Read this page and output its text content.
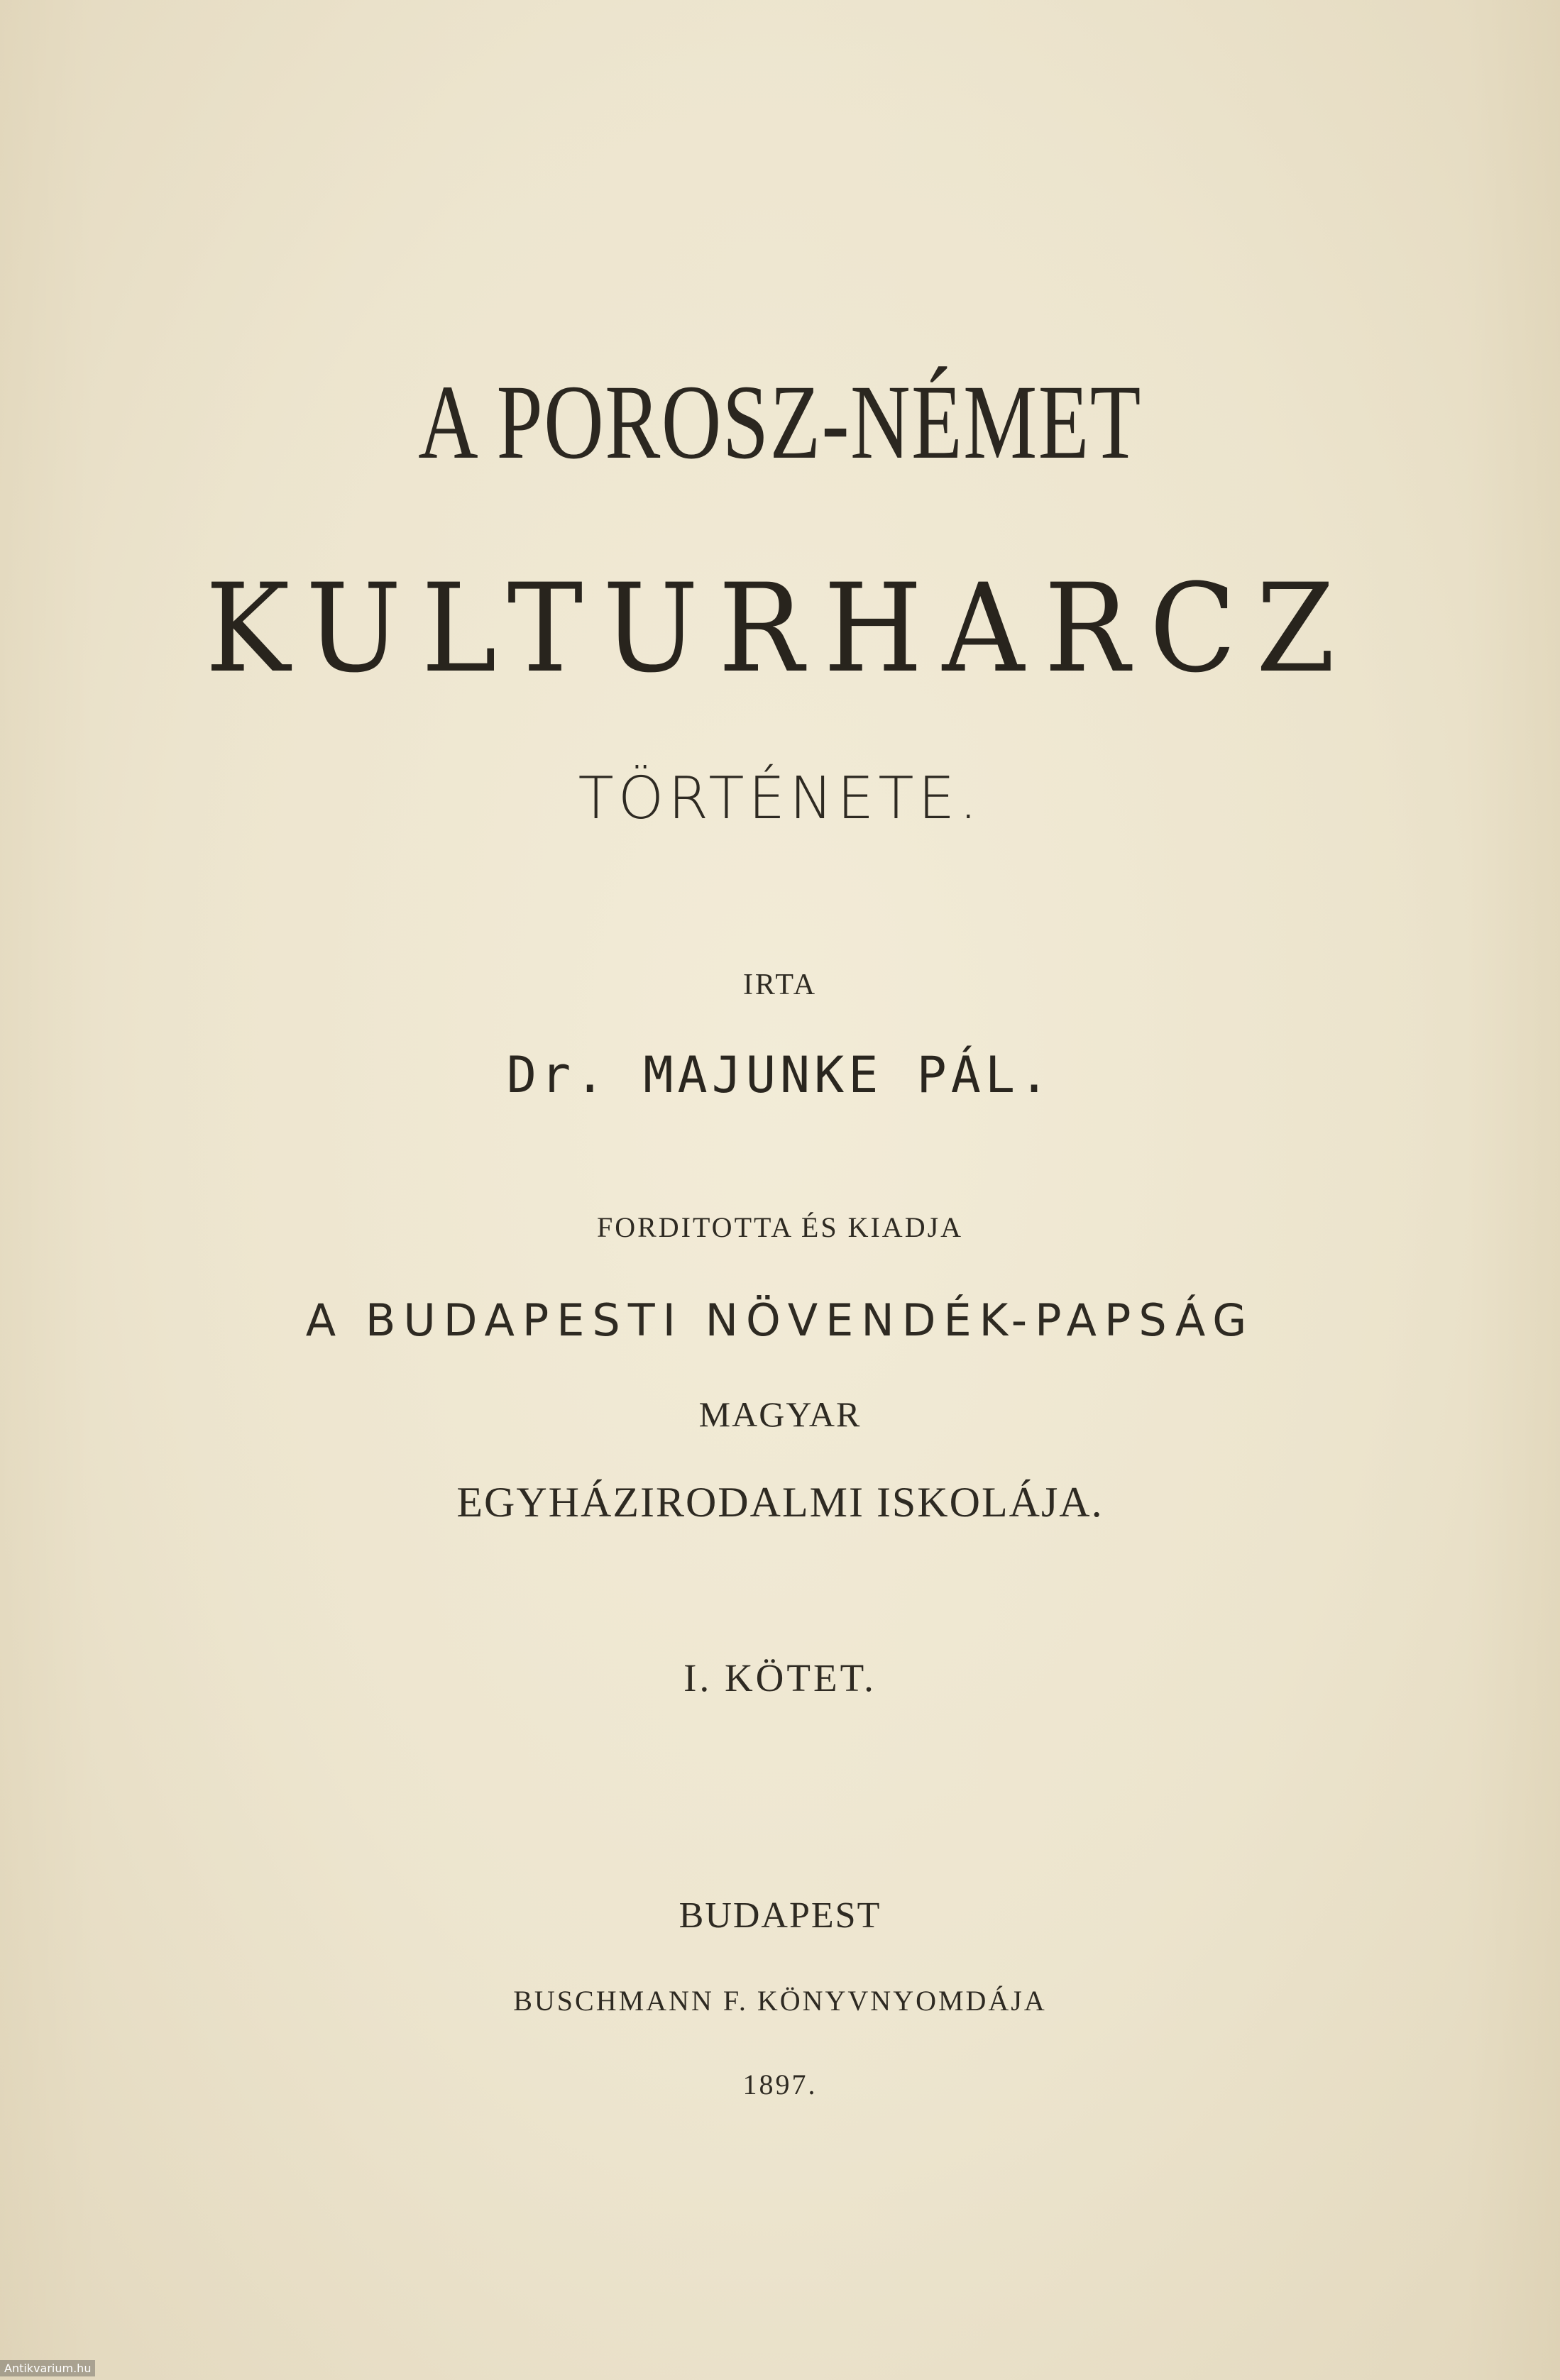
A POROSZ-NÉMET
KULTURHARCZ
TÖRTÉNETE.
IRTA
Dr. MAJUNKE PÁL.
FORDITOTTA ÉS KIADJA
A BUDAPESTI NÖVENDÉK-PAPSÁG
MAGYAR
EGYHÁZIRODALMI ISKOLÁJA.
I. KÖTET.
BUDAPEST
BUSCHMANN F. KÖNYVNYOMDÁJA
1897.
Antikvarium.hu
